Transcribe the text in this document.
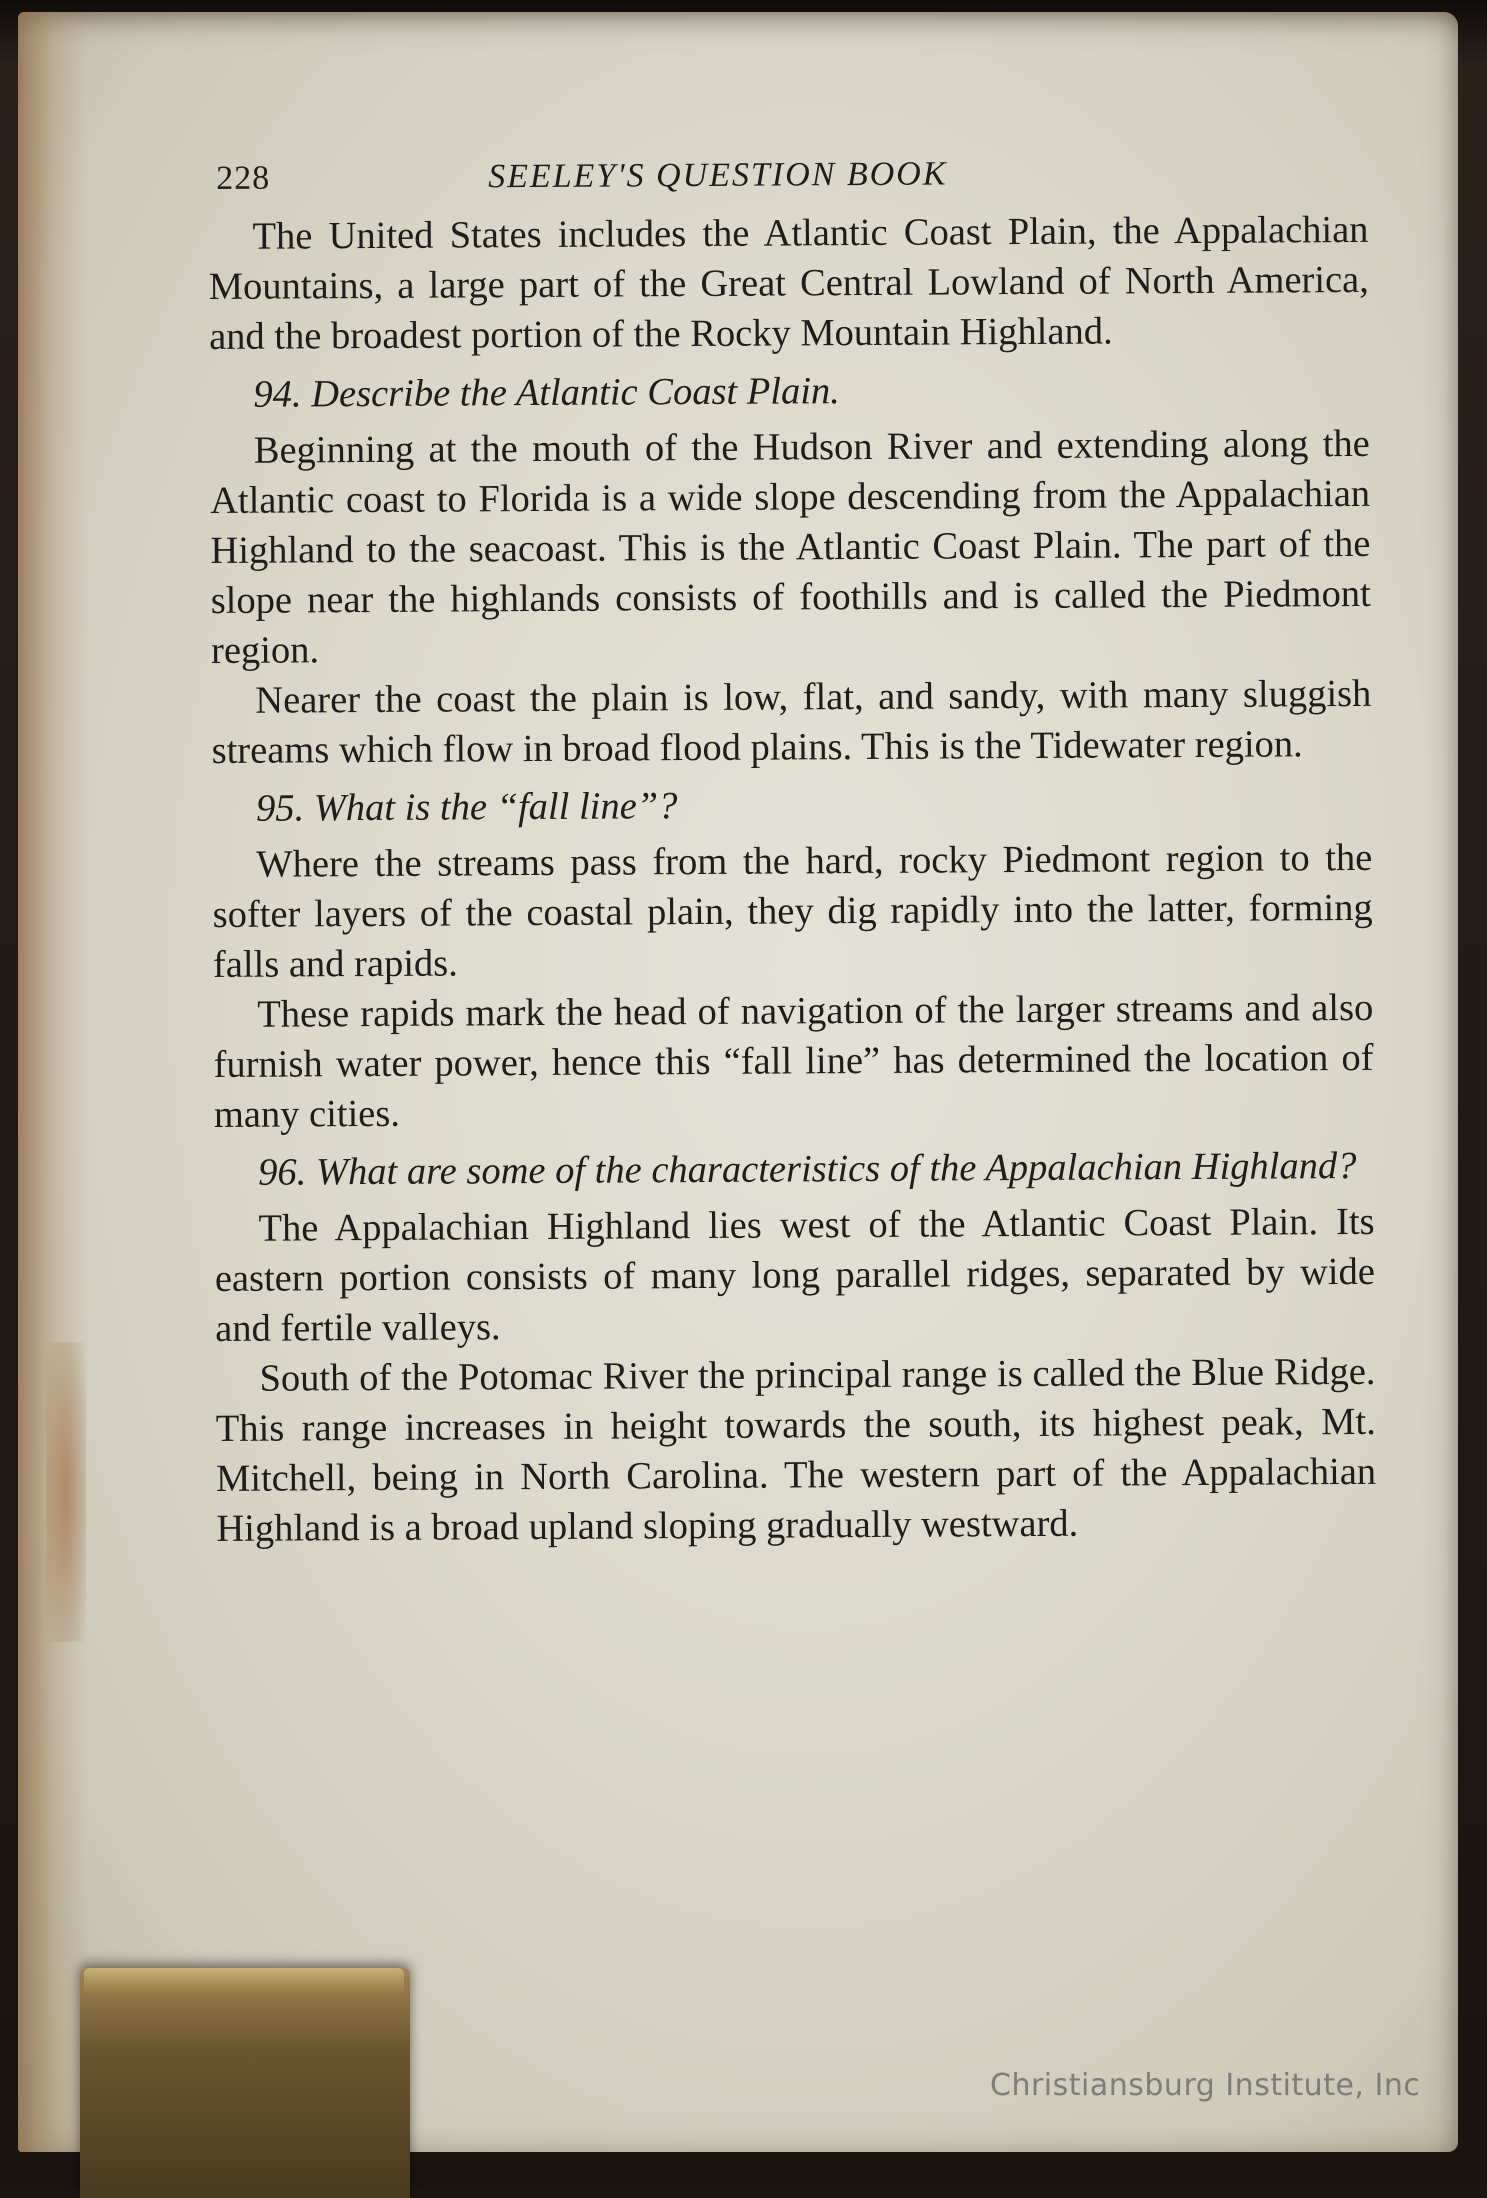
228	SEELEY'S QUESTION BOOK

The United States includes the Atlantic Coast Plain, the Appalachian Mountains, a large part of the Great Central Lowland of North America, and the broadest portion of the Rocky Mountain Highland.

94. Describe the Atlantic Coast Plain.

Beginning at the mouth of the Hudson River and extending along the Atlantic coast to Florida is a wide slope descending from the Appalachian Highland to the seacoast. This is the Atlantic Coast Plain. The part of the slope near the highlands consists of foothills and is called the Piedmont region.

Nearer the coast the plain is low, flat, and sandy, with many sluggish streams which flow in broad flood plains. This is the Tidewater region.

95. What is the “fall line”?

Where the streams pass from the hard, rocky Piedmont region to the softer layers of the coastal plain, they dig rapidly into the latter, forming falls and rapids.

These rapids mark the head of navigation of the larger streams and also furnish water power, hence this “fall line” has determined the location of many cities.

96. What are some of the characteristics of the Appalachian Highland?

The Appalachian Highland lies west of the Atlantic Coast Plain. Its eastern portion consists of many long parallel ridges, separated by wide and fertile valleys.

South of the Potomac River the principal range is called the Blue Ridge. This range increases in height towards the south, its highest peak, Mt. Mitchell, being in North Carolina. The western part of the Appalachian Highland is a broad upland sloping gradually westward.

Christiansburg Institute, Inc
